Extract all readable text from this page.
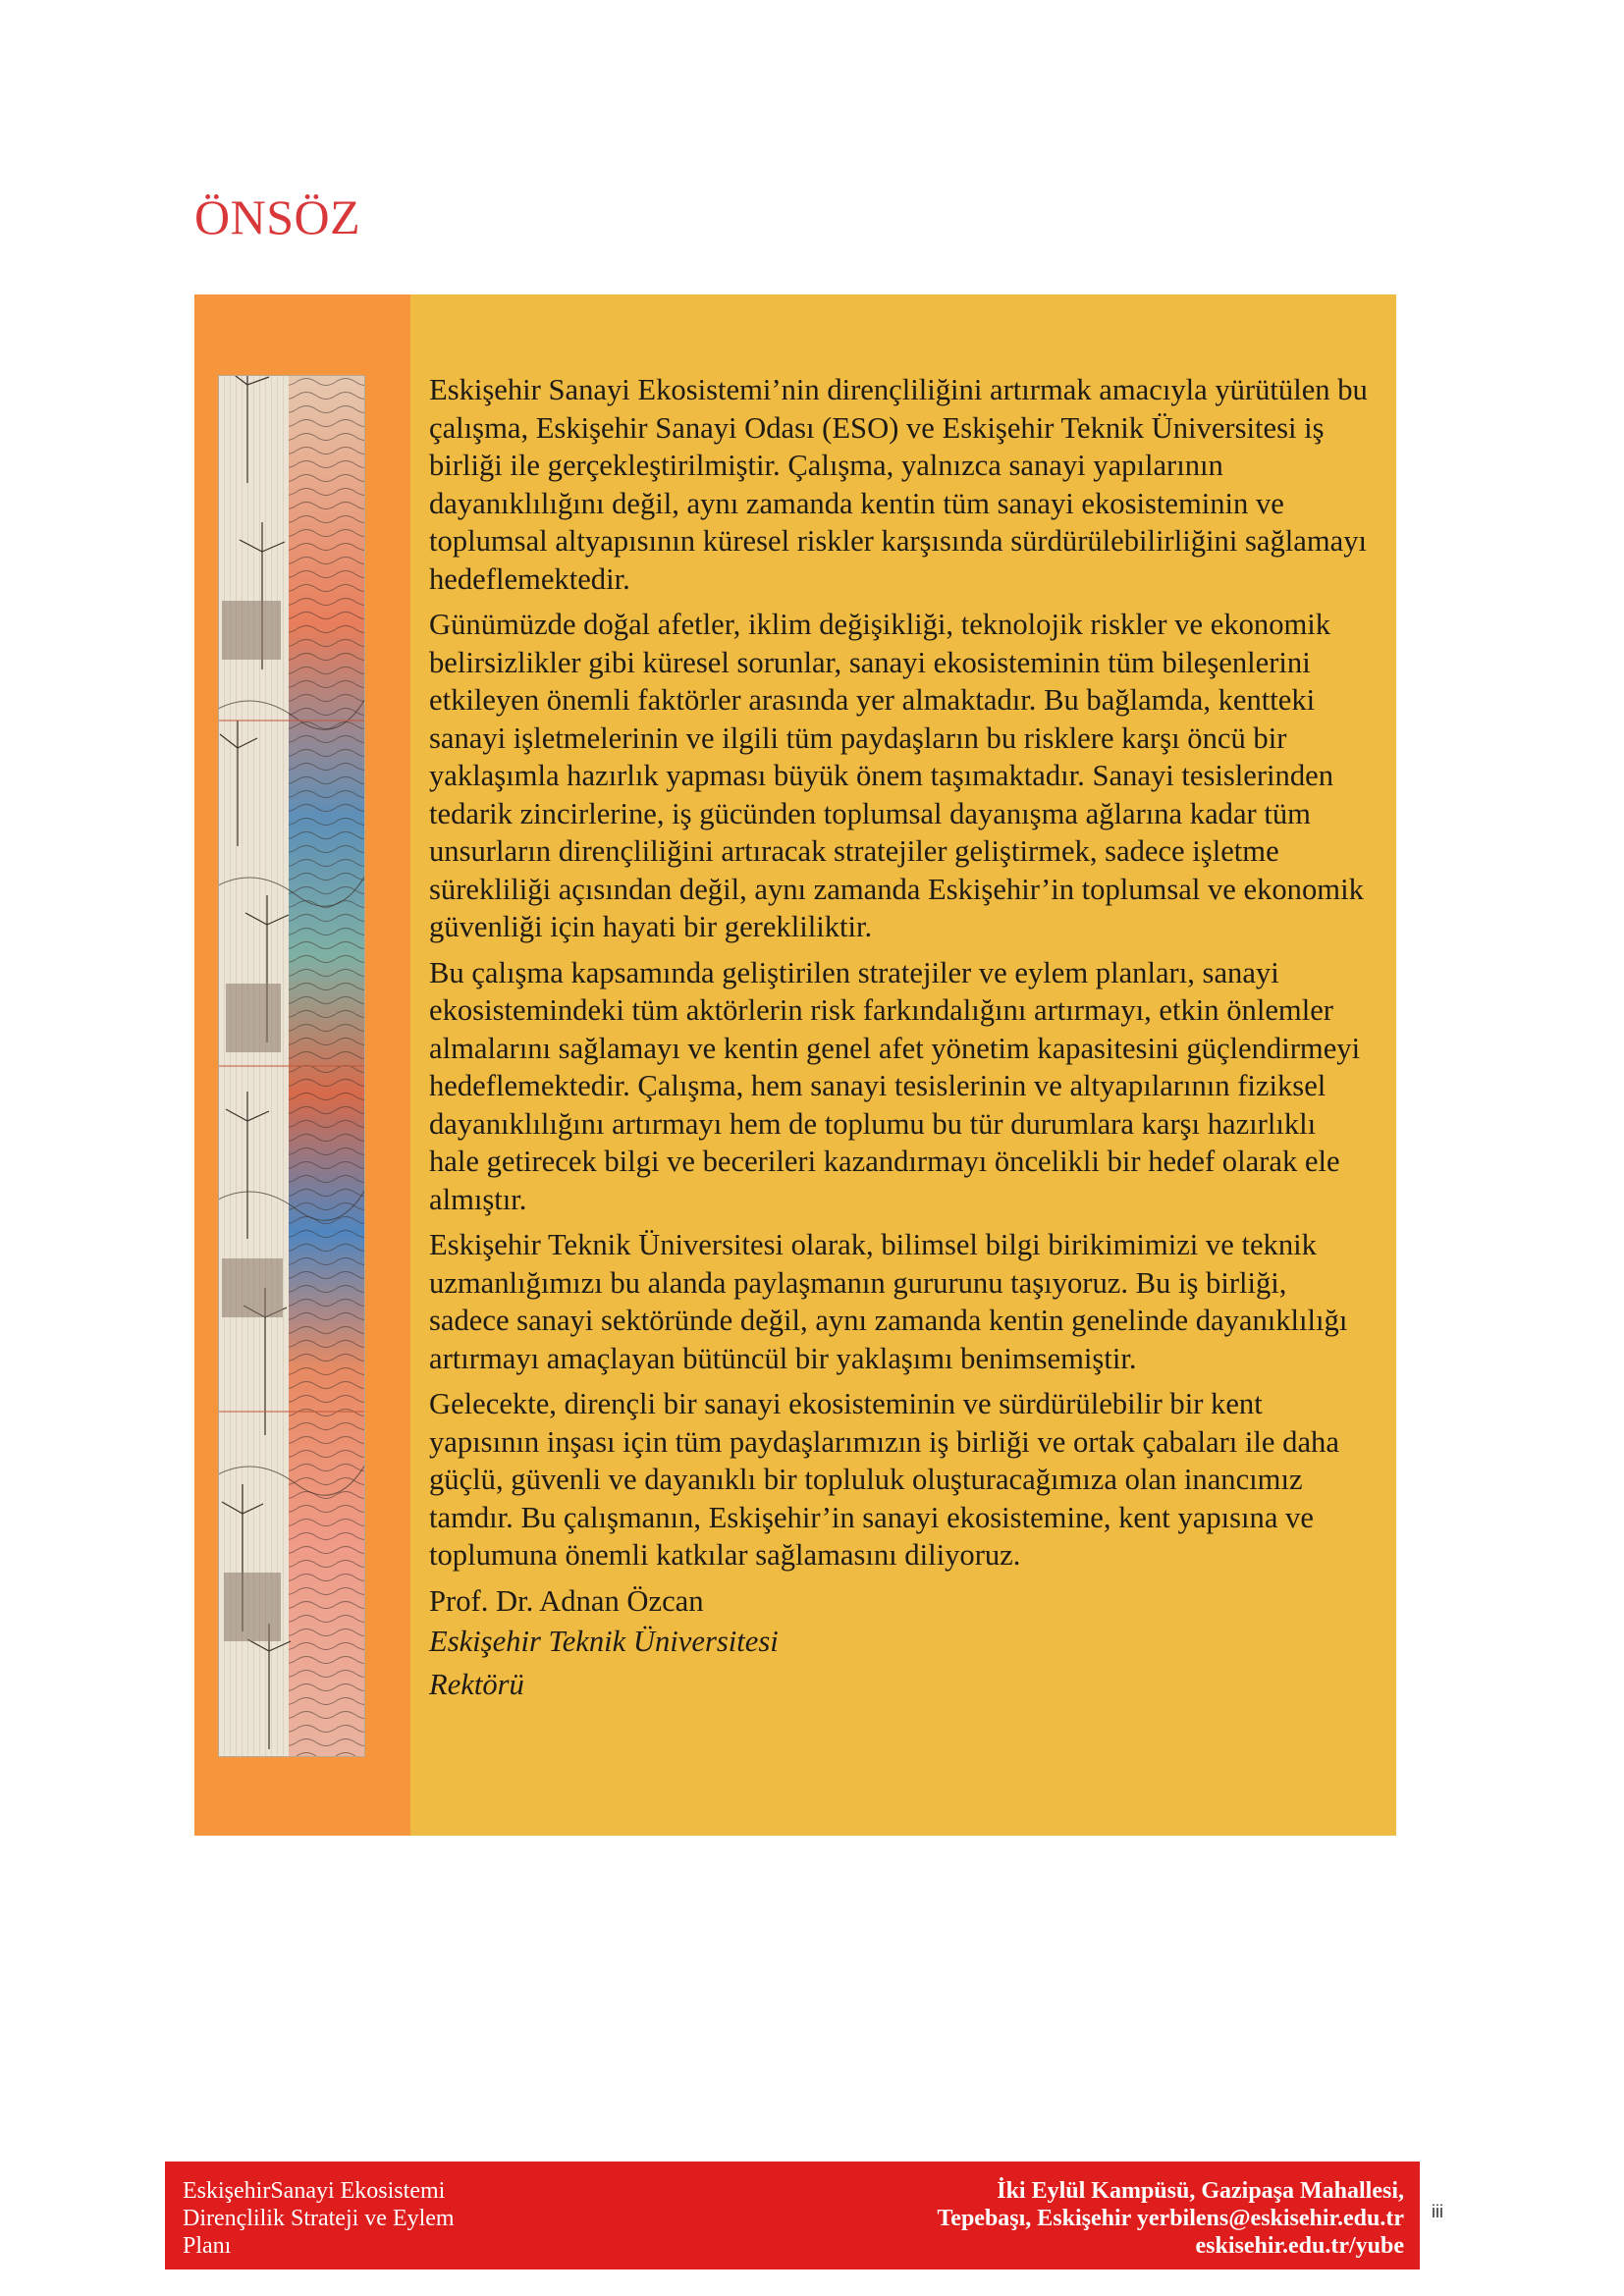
ÖNSÖZ

Eskişehir Sanayi Ekosistemi’nin dirençliliğini artırmak amacıyla yürütülen bu çalışma, Eskişehir Sanayi Odası (ESO) ve Eskişehir Teknik Üniversitesi iş birliği ile gerçekleştirilmiştir. Çalışma, yalnızca sanayi yapılarının dayanıklılığını değil, aynı zamanda kentin tüm sanayi ekosisteminin ve toplumsal altyapısının küresel riskler karşısında sürdürülebilirliğini sağlamayı hedeflemektedir.

Günümüzde doğal afetler, iklim değişikliği, teknolojik riskler ve ekonomik belirsizlikler gibi küresel sorunlar, sanayi ekosisteminin tüm bileşenlerini etkileyen önemli faktörler arasında yer almaktadır. Bu bağlamda, kentteki sanayi işletmelerinin ve ilgili tüm paydaşların bu risklere karşı öncü bir yaklaşımla hazırlık yapması büyük önem taşımaktadır. Sanayi tesislerinden tedarik zincirlerine, iş gücünden toplumsal dayanışma ağlarına kadar tüm unsurların dirençliliğini artıracak stratejiler geliştirmek, sadece işletme sürekliliği açısından değil, aynı zamanda Eskişehir’in toplumsal ve ekonomik güvenliği için hayati bir gerekliliktir.

Bu çalışma kapsamında geliştirilen stratejiler ve eylem planları, sanayi ekosistemindeki tüm aktörlerin risk farkındalığını artırmayı, etkin önlemler almalarını sağlamayı ve kentin genel afet yönetim kapasitesini güçlendirmeyi hedeflemektedir. Çalışma, hem sanayi tesislerinin ve altyapılarının fiziksel dayanıklılığını artırmayı hem de toplumu bu tür durumlara karşı hazırlıklı hale getirecek bilgi ve becerileri kazandırmayı öncelikli bir hedef olarak ele almıştır.

Eskişehir Teknik Üniversitesi olarak, bilimsel bilgi birikimimizi ve teknik uzmanlığımızı bu alanda paylaşmanın gururunu taşıyoruz. Bu iş birliği, sadece sanayi sektöründe değil, aynı zamanda kentin genelinde dayanıklılığı artırmayı amaçlayan bütüncül bir yaklaşımı benimsemiştir.

Gelecekte, dirençli bir sanayi ekosisteminin ve sürdürülebilir bir kent yapısının inşası için tüm paydaşlarımızın iş birliği ve ortak çabaları ile daha güçlü, güvenli ve dayanıklı bir topluluk oluşturacağımıza olan inancımız tamdır. Bu çalışmanın, Eskişehir’in sanayi ekosistemine, kent yapısına ve toplumuna önemli katkılar sağlamasını diliyoruz.

Prof. Dr. Adnan Özcan

Eskişehir Teknik Üniversitesi

Rektörü

EskişehirSanayi Ekosistemi
Dirençlilik Strateji ve Eylem
Planı
İki Eylül Kampüsü, Gazipaşa Mahallesi,
Tepebaşı, Eskişehir yerbilens@eskisehir.edu.tr
eskisehir.edu.tr/yube
iii
